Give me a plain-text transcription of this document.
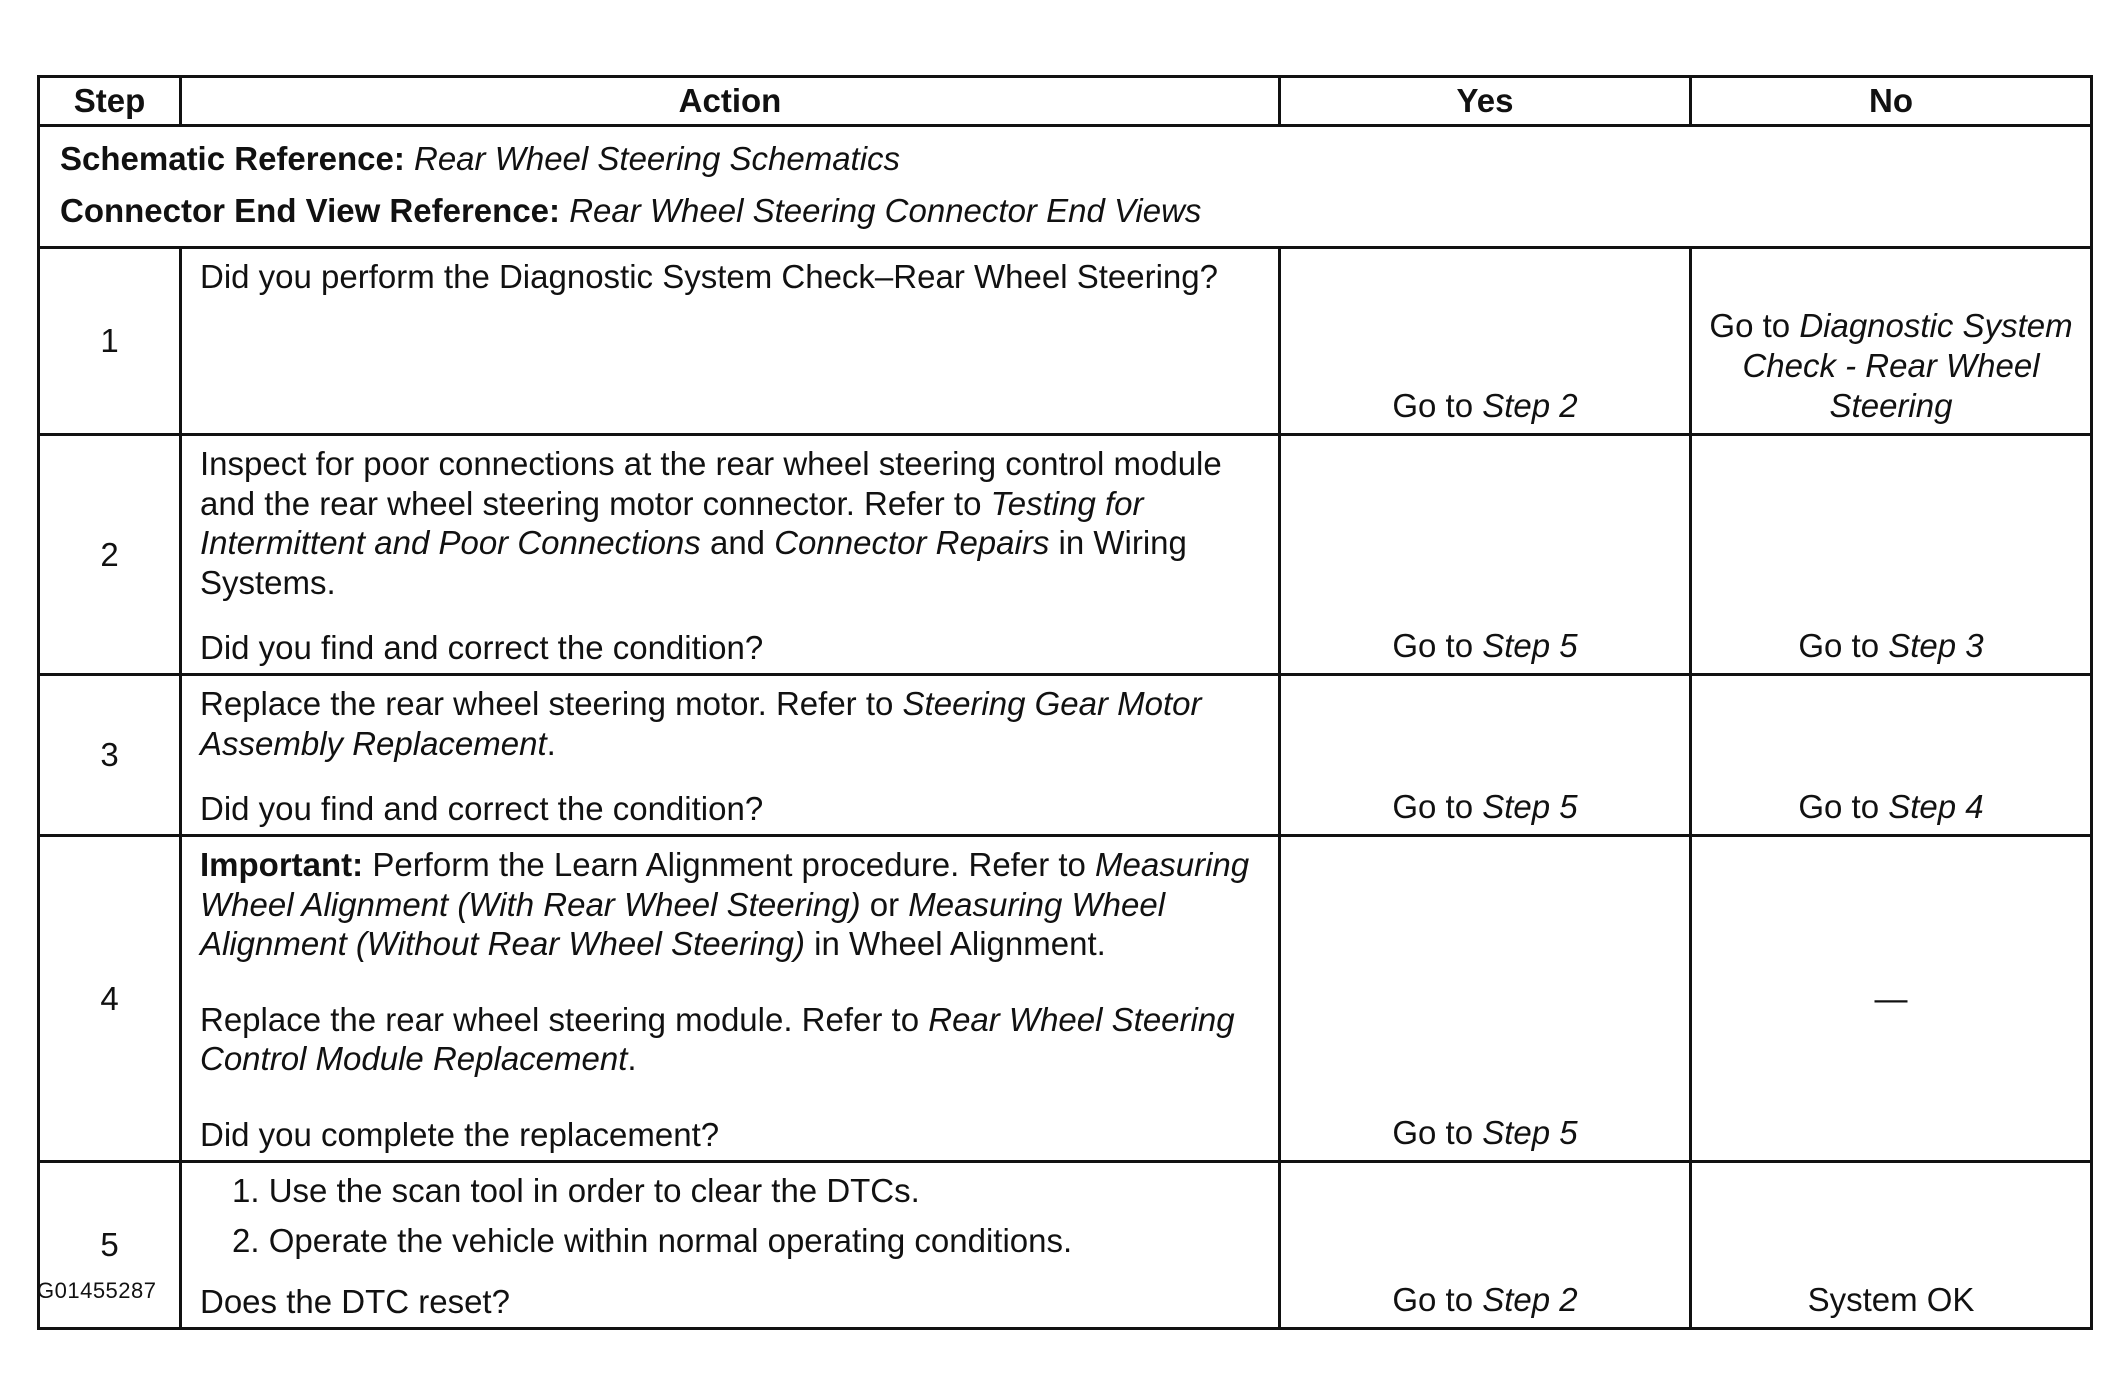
Step	Action	Yes	No

Schematic Reference: Rear Wheel Steering Schematics
Connector End View Reference: Rear Wheel Steering Connector End Views			

1	Did you perform the Diagnostic System Check–Rear Wheel Steering?	Go to Step 2	Go to Diagnostic System Check - Rear Wheel Steering
2	Inspect for poor connections at the rear wheel steering control module and the rear wheel steering motor connector. Refer to Testing for Intermittent and Poor Connections and Connector Repairs in Wiring Systems.
Did you find and correct the condition?	Go to Step 5	Go to Step 3
3	Replace the rear wheel steering motor. Refer to Steering Gear Motor Assembly Replacement.
Did you find and correct the condition?	Go to Step 5	Go to Step 4
4	Important: Perform the Learn Alignment procedure. Refer to Measuring Wheel Alignment (With Rear Wheel Steering) or Measuring Wheel Alignment (Without Rear Wheel Steering) in Wheel Alignment.
Replace the rear wheel steering module. Refer to Rear Wheel Steering Control Module Replacement.
Did you complete the replacement?	Go to Step 5	—
5	1. Use the scan tool in order to clear the DTCs.
2. Operate the vehicle within normal operating conditions.
Does the DTC reset?	Go to Step 2	System OK
G01455287
